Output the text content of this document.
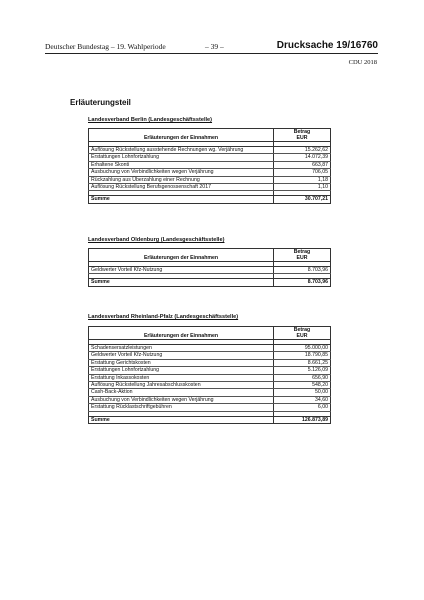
Deutscher Bundestag – 19. Wahlperiode	– 39 –	Drucksache 19/16760
CDU 2018
Erläuterungsteil
Landesverband Berlin (Landesgeschäftsstelle)
Erläuterungen der Einnahmen	Betrag
EUR

Auflösung Rückstellung ausstehende Rechnungen wg. Verjährung	15.262,62
Erstattungen Lohnfortzahlung	14.072,39
Erhaltene Skonti	663,87
Ausbuchung von Verbindlichkeiten wegen Verjährung	706,05
Rückzahlung aus Überzahlung einer Rechnung	1,18
Auflösung Rückstellung Berufsgenossenschaft 2017	1,10

Summe	30.707,21
Landesverband Oldenburg (Landesgeschäftsstelle)
Erläuterungen der Einnahmen	Betrag
EUR

Geldwerter Vorteil Kfz-Nutzung	8.703,96

Summe	8.703,96
Landesverband Rheinland-Pfalz (Landesgeschäftsstelle)
Erläuterungen der Einnahmen	Betrag
EUR

Schadensersatzleistungen	95.000,00
Geldwerter Vorteil Kfz-Nutzung	18.790,85
Erstattung Gerichtskosten	8.661,25
Erstattungen Lohnfortzahlung	5.126,09
Erstattung Inkassokosten	656,90
Auflösung Rückstellung Jahresabschlusskosten	548,20
Cash-Back-Aktion	50,00
Ausbuchung von Verbindlichkeiten wegen Verjährung	34,60
Erstattung Rücklastschriftgebühren	6,00

Summe	126.873,89
